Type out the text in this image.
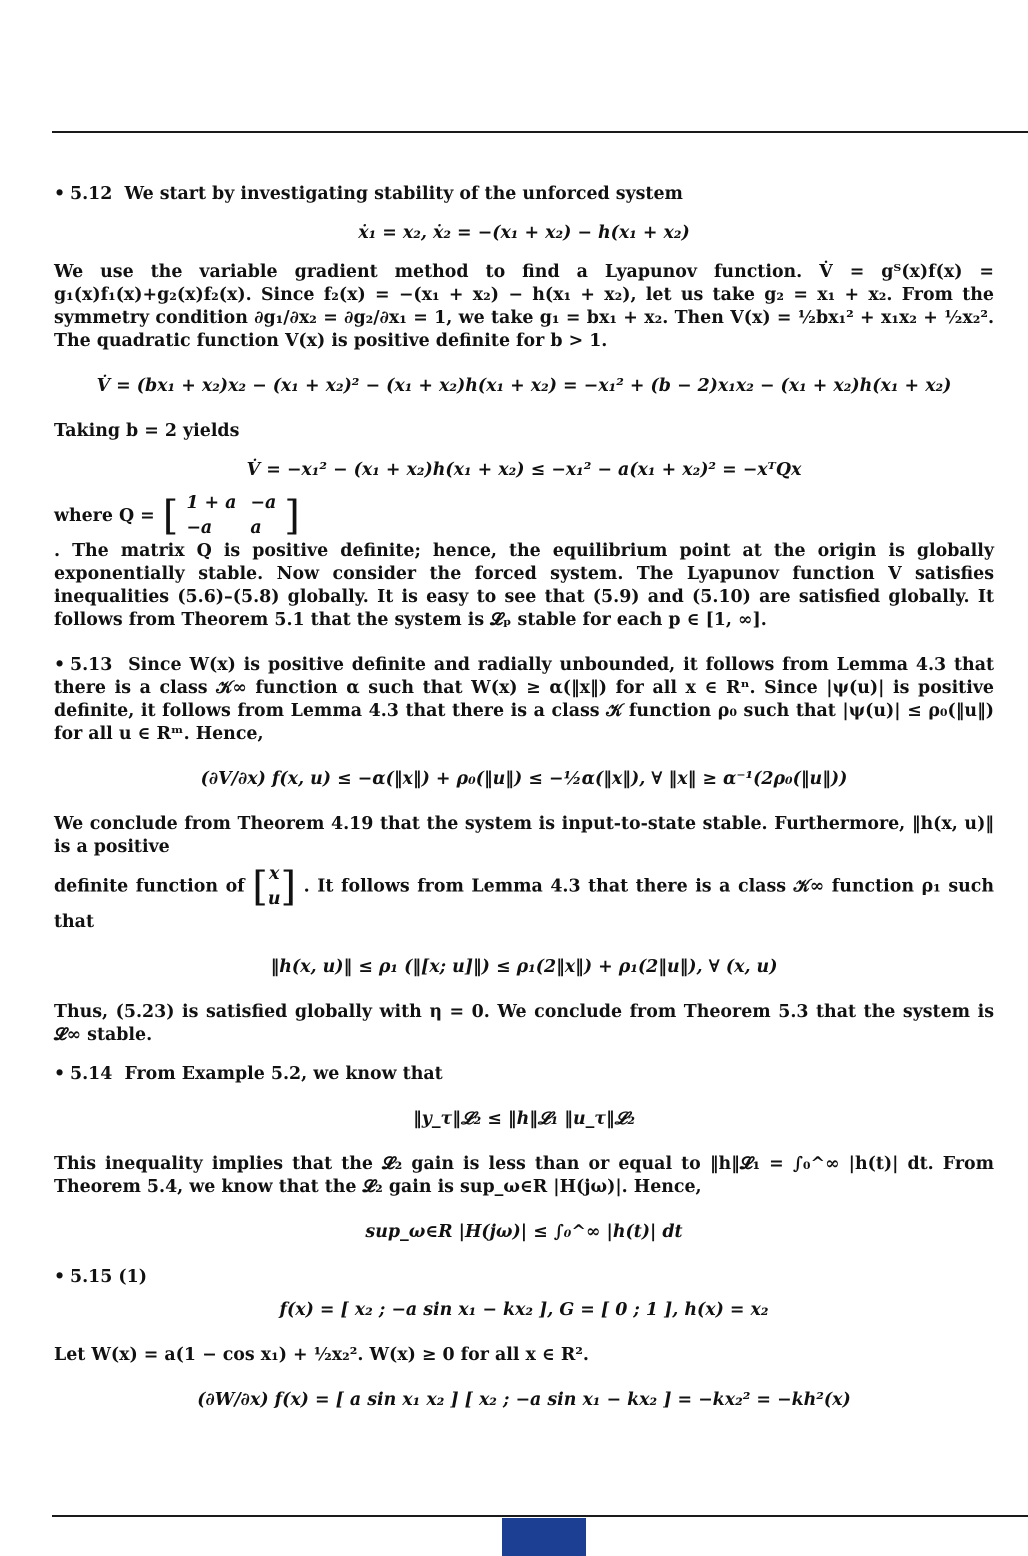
• 5.12 We start by investigating stability of the unforced system

ẋ₁ = x₂, ẋ₂ = −(x₁ + x₂) − h(x₁ + x₂)

We use the variable gradient method to find a Lyapunov function. V̇ = gᵀ(x)f(x) = g₁(x)f₁(x)+g₂(x)f₂(x). Since f₂(x) = −(x₁ + x₂) − h(x₁ + x₂), let us take g₂ = x₁ + x₂. From the symmetry condition ∂g₁/∂x₂ = ∂g₂/∂x₁ = 1, we take g₁ = bx₁ + x₂. Then V(x) = ½bx₁² + x₁x₂ + ½x₂². The quadratic function V(x) is positive definite for b > 1.

V̇ = (bx₁ + x₂)x₂ − (x₁ + x₂)² − (x₁ + x₂)h(x₁ + x₂) = −x₁² + (b − 2)x₁x₂ − (x₁ + x₂)h(x₁ + x₂)

Taking b = 2 yields

V̇ = −x₁² − (x₁ + x₂)h(x₁ + x₂) ≤ −x₁² − a(x₁ + x₂)² = −xᵀQx

where Q = [ 1 + a −a
−a	a ]

. The matrix Q is positive definite; hence, the equilibrium point at the origin is globally exponentially stable. Now consider the forced system. The Lyapunov function V satisfies inequalities (5.6)–(5.8) globally. It is easy to see that (5.9) and (5.10) are satisfied globally. It follows from Theorem 5.1 that the system is 𝓛ₚ stable for each p ∈ [1, ∞].

• 5.13 Since W(x) is positive definite and radially unbounded, it follows from Lemma 4.3 that there is a class 𝒦∞ function α such that W(x) ≥ α(‖x‖) for all x ∈ Rⁿ. Since |ψ(u)| is positive definite, it follows from Lemma 4.3 that there is a class 𝒦 function ρ₀ such that |ψ(u)| ≤ ρ₀(‖u‖) for all u ∈ Rᵐ. Hence,

(∂V/∂x) f(x, u) ≤ −α(‖x‖) + ρ₀(‖u‖) ≤ −½α(‖x‖), ∀ ‖x‖ ≥ α⁻¹(2ρ₀(‖u‖))

We conclude from Theorem 4.19 that the system is input-to-state stable. Furthermore, ‖h(x, u)‖ is a positive

definite function of [ x
u ] . It follows from Lemma 4.3 that there is a class 𝒦∞ function ρ₁ such that

‖h(x, u)‖ ≤ ρ₁ (‖[x; u]‖) ≤ ρ₁(2‖x‖) + ρ₁(2‖u‖), ∀ (x, u)

Thus, (5.23) is satisfied globally with η = 0. We conclude from Theorem 5.3 that the system is 𝓛∞ stable.

• 5.14 From Example 5.2, we know that

‖y_τ‖𝓛₂ ≤ ‖h‖𝓛₁ ‖u_τ‖𝓛₂

This inequality implies that the 𝓛₂ gain is less than or equal to ‖h‖𝓛₁ = ∫₀^∞ |h(t)| dt. From Theorem 5.4, we know that the 𝓛₂ gain is sup_ω∈R |H(jω)|. Hence,

sup_ω∈R |H(jω)| ≤ ∫₀^∞ |h(t)| dt

• 5.15 (1)

f(x) = [ x₂ ; −a sin x₁ − kx₂ ], G = [ 0 ; 1 ], h(x) = x₂

Let W(x) = a(1 − cos x₁) + ½x₂². W(x) ≥ 0 for all x ∈ R².

(∂W/∂x) f(x) = [ a sin x₁ x₂ ] [ x₂ ; −a sin x₁ − kx₂ ] = −kx₂² = −kh²(x)
